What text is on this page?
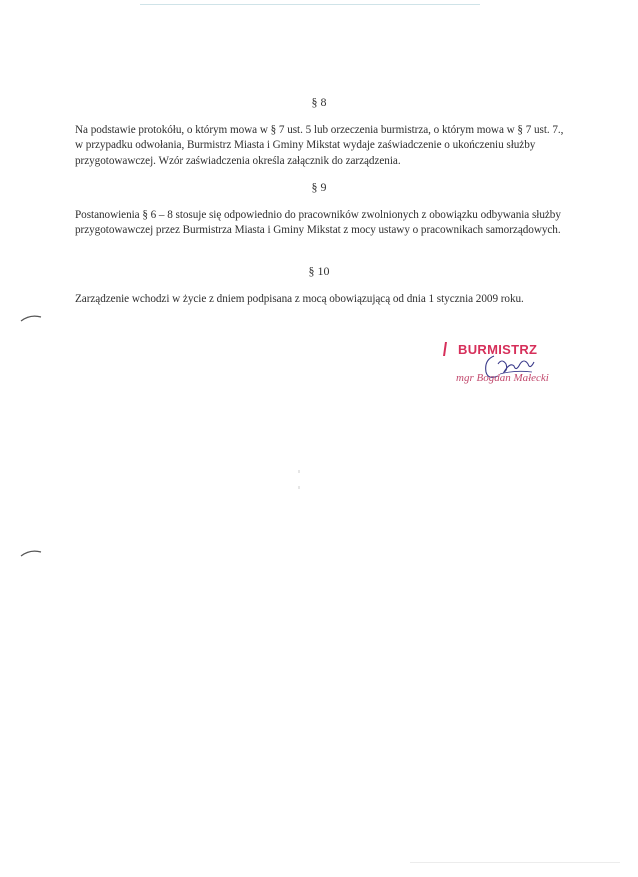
§ 8
Na podstawie protokółu, o którym mowa w § 7 ust. 5 lub orzeczenia burmistrza, o którym mowa w § 7 ust. 7., w przypadku odwołania, Burmistrz Miasta i Gminy Mikstat wydaje zaświadczenie o ukończeniu służby przygotowawczej. Wzór zaświadczenia określa załącznik do zarządzenia.
§ 9
Postanowienia § 6 – 8 stosuje się odpowiednio do pracowników zwolnionych z obowiązku odbywania służby przygotowawczej przez Burmistrza Miasta i Gminy Mikstat z mocy ustawy o pracownikach samorządowych.
§ 10
Zarządzenie wchodzi w życie z dniem podpisana z mocą obowiązującą od dnia 1 stycznia 2009 roku.
BURMISTRZ
mgr Bogdan Małecki
